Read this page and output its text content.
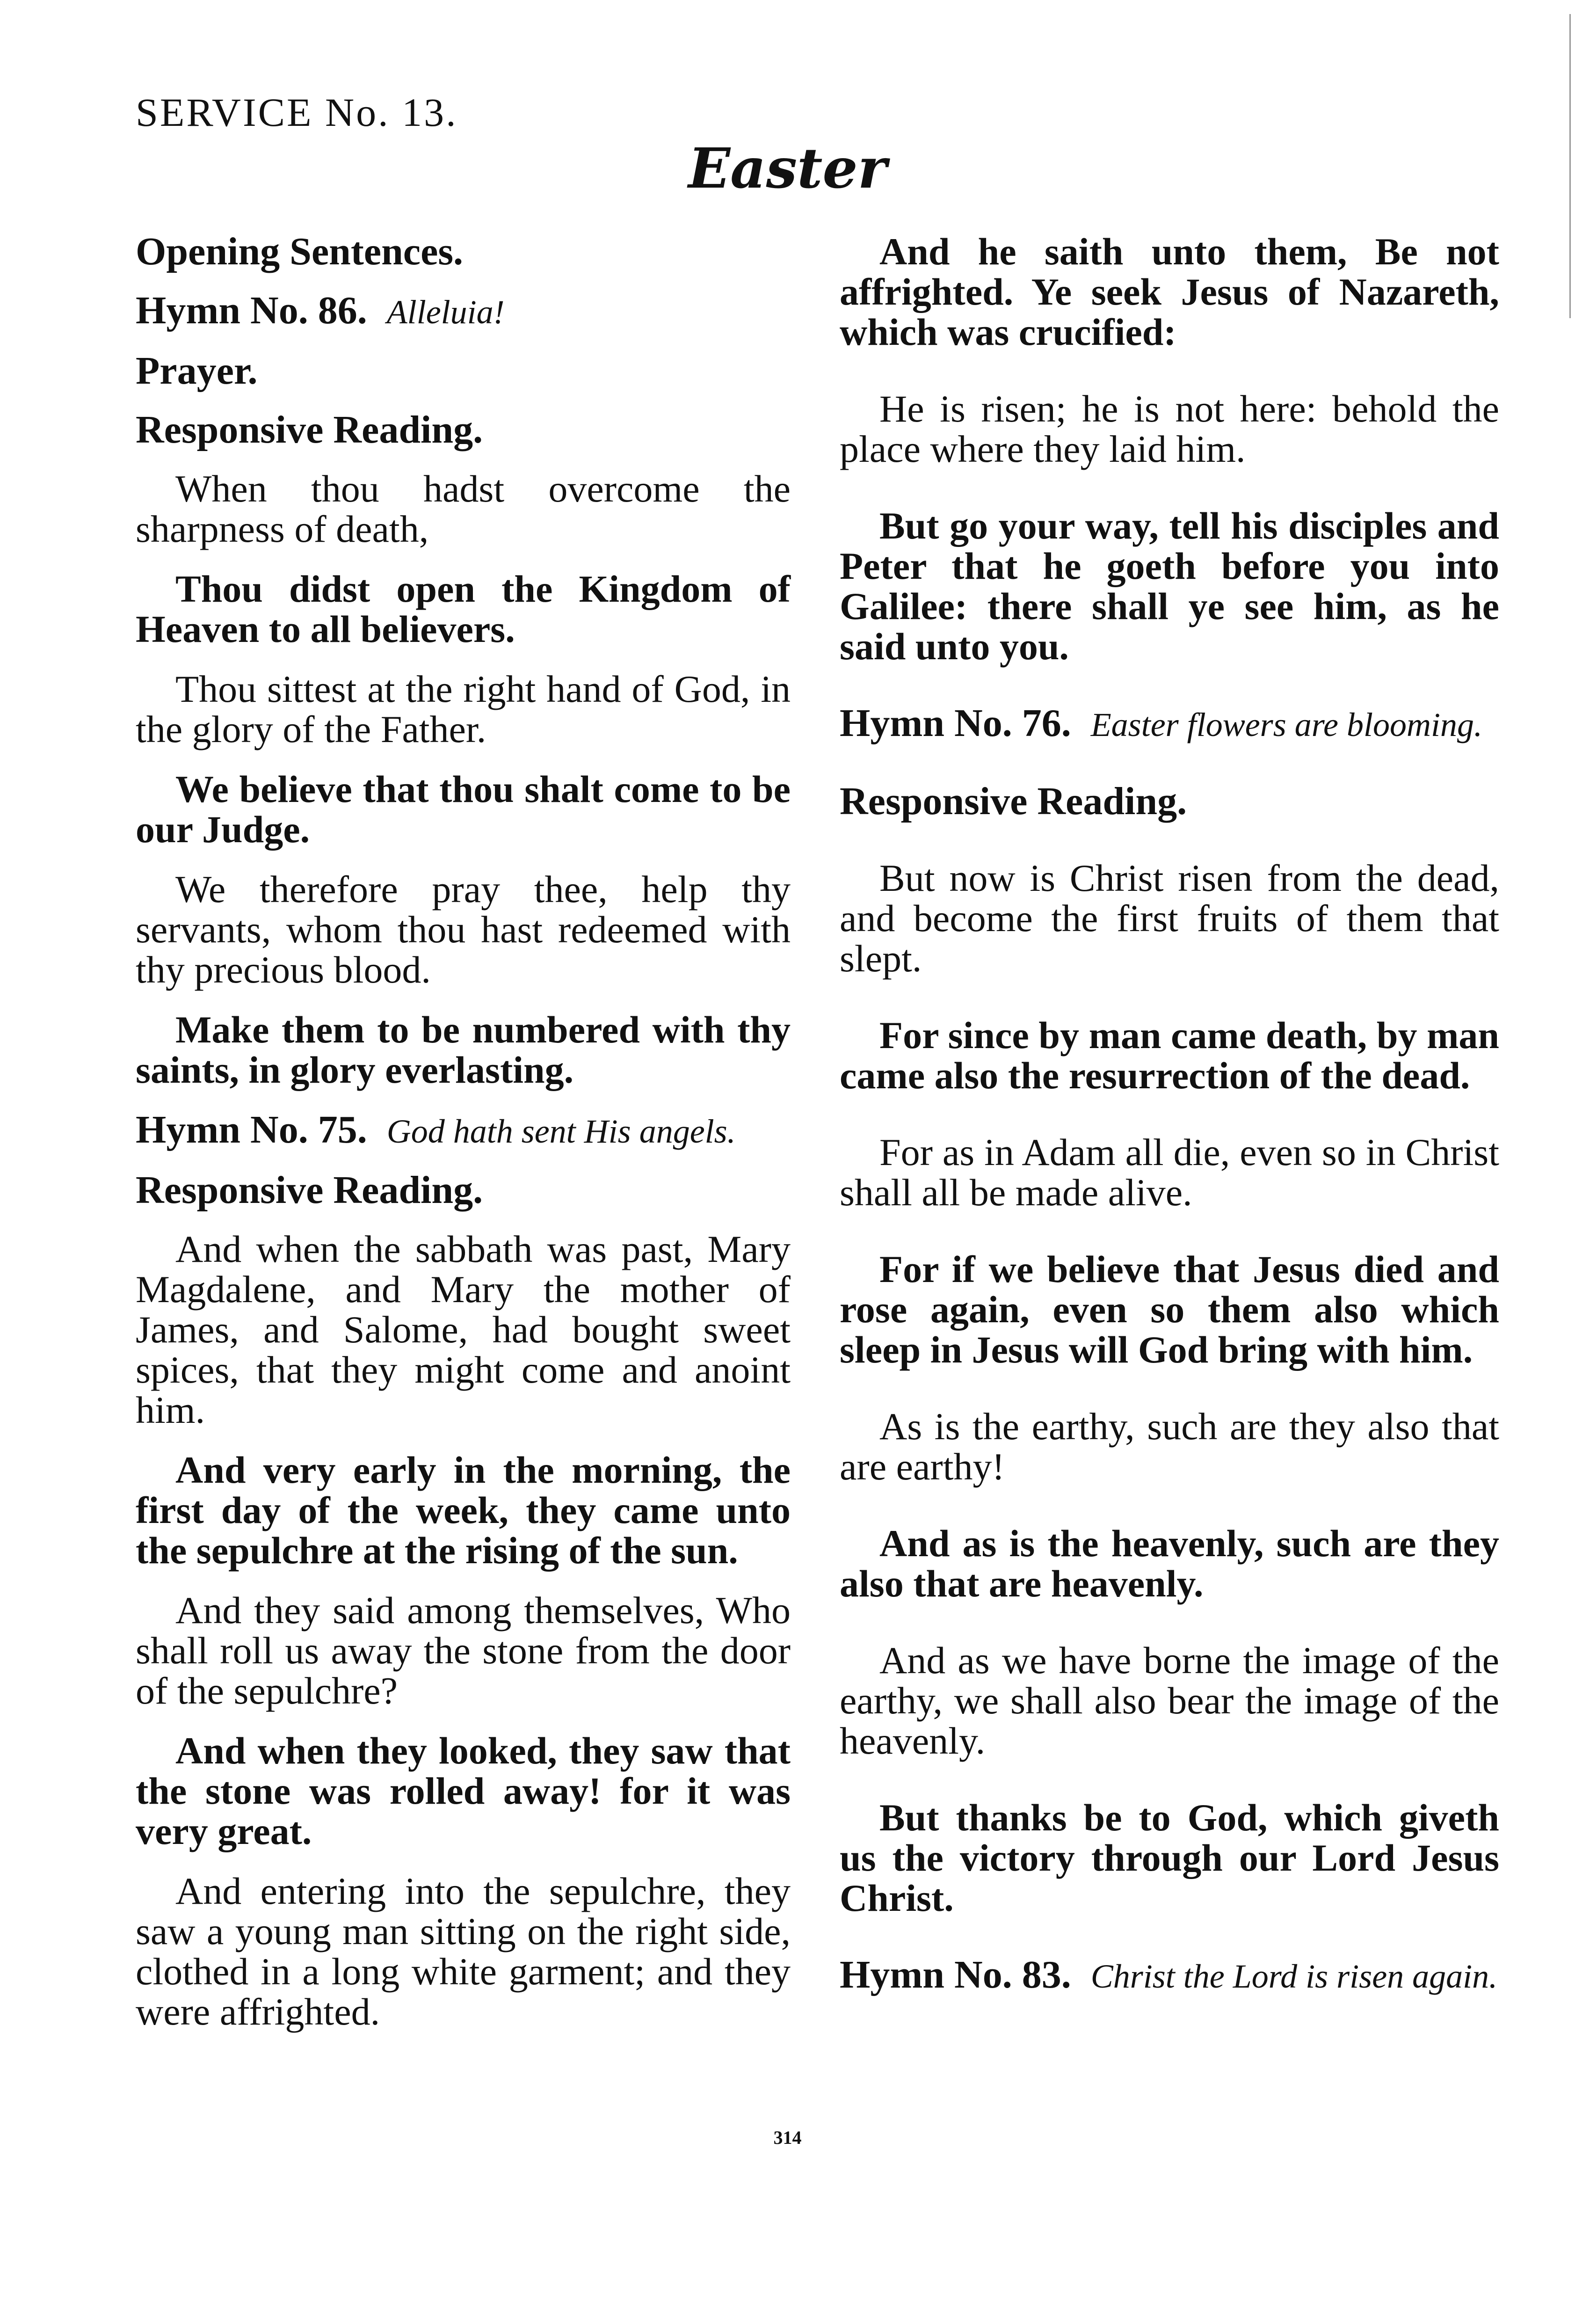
SERVICE No. 13.
Easter
Opening Sentences.
Hymn No. 86. Alleluia!
Prayer.
Responsive Reading.

When thou hadst overcome the sharpness of death,

Thou didst open the Kingdom of Heaven to all believers.

Thou sittest at the right hand of God, in the glory of the Father.

We believe that thou shalt come to be our Judge.

We therefore pray thee, help thy servants, whom thou hast redeemed with thy precious blood.

Make them to be numbered with thy saints, in glory everlasting.

Hymn No. 75. God hath sent His angels.
Responsive Reading.

And when the sabbath was past, Mary Magdalene, and Mary the mother of James, and Salome, had bought sweet spices, that they might come and anoint him.

And very early in the morning, the first day of the week, they came unto the sepulchre at the rising of the sun.

And they said among themselves, Who shall roll us away the stone from the door of the sepulchre?

And when they looked, they saw that the stone was rolled away! for it was very great.

And entering into the sepulchre, they saw a young man sitting on the right side, clothed in a long white garment; and they were affrighted.

And he saith unto them, Be not affrighted. Ye seek Jesus of Nazareth, which was crucified:

He is risen; he is not here: behold the place where they laid him.

But go your way, tell his disciples and Peter that he goeth before you into Galilee: there shall ye see him, as he said unto you.

Hymn No. 76. Easter flowers are blooming.
Responsive Reading.

But now is Christ risen from the dead, and become the first fruits of them that slept.

For since by man came death, by man came also the resurrection of the dead.

For as in Adam all die, even so in Christ shall all be made alive.

For if we believe that Jesus died and rose again, even so them also which sleep in Jesus will God bring with him.

As is the earthy, such are they also that are earthy!

And as is the heavenly, such are they also that are heavenly.

And as we have borne the image of the earthy, we shall also bear the image of the heavenly.

But thanks be to God, which giveth us the victory through our Lord Jesus Christ.

Hymn No. 83. Christ the Lord is risen again.
314
